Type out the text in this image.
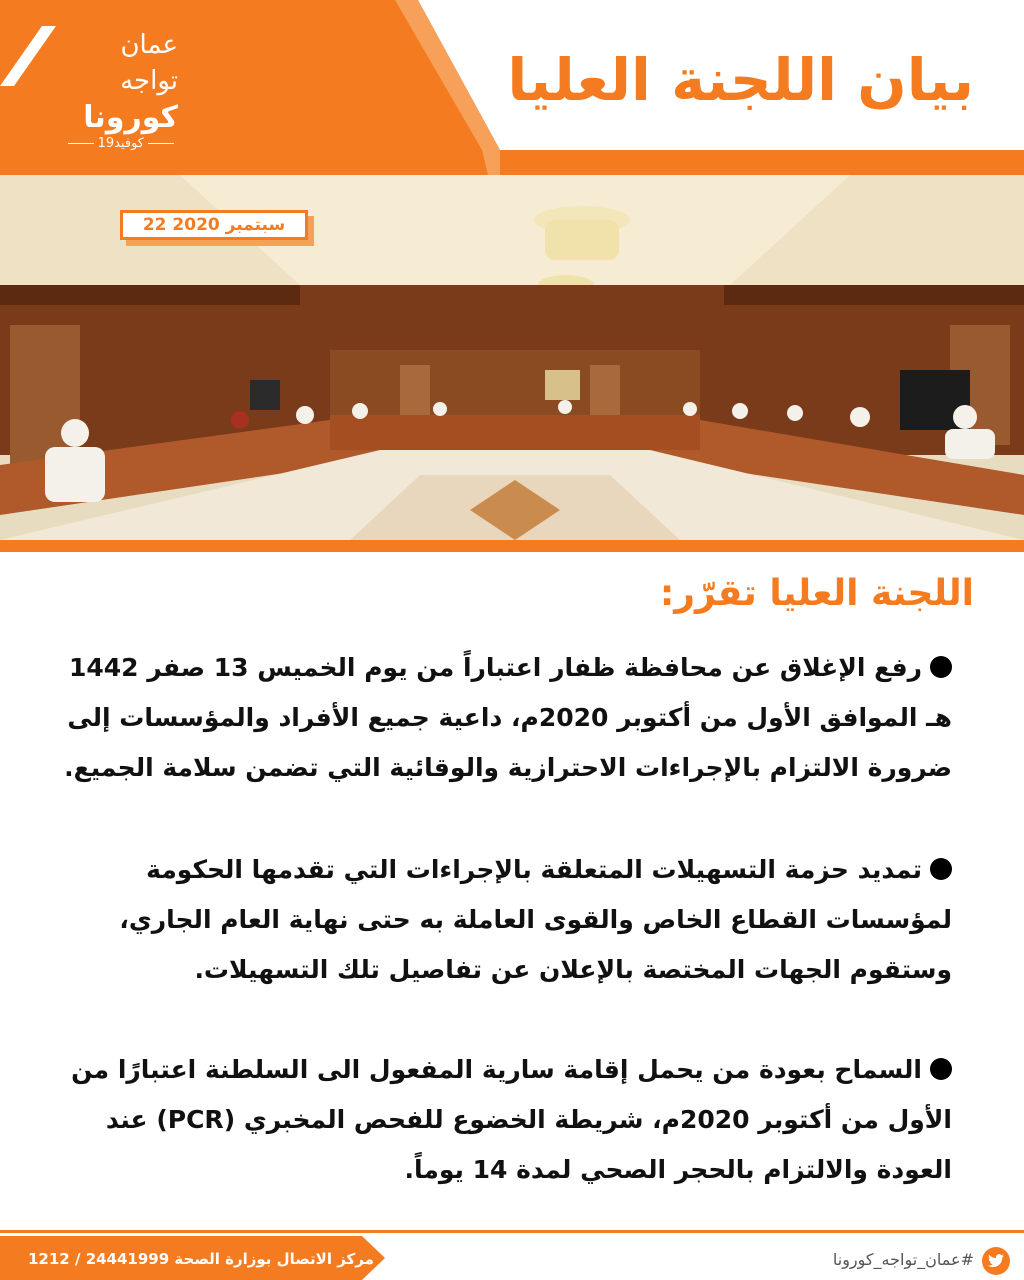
عمان
تواجه
كورونا
كوفيد19
بيان اللجنة العليا
22 سبتمبر 2020
اللجنة العليا تقرّر:

رفع الإغلاق عن محافظة ظفار اعتباراً من يوم الخميس 13 صفر 1442 هـ الموافق الأول من أكتوبر 2020م، داعية جميع الأفراد والمؤسسات إلى ضرورة الالتزام بالإجراءات الاحترازية والوقائية التي تضمن سلامة الجميع.

تمديد حزمة التسهيلات المتعلقة بالإجراءات التي تقدمها الحكومة لمؤسسات القطاع الخاص والقوى العاملة به حتى نهاية العام الجاري، وستقوم الجهات المختصة بالإعلان عن تفاصيل تلك التسهيلات.

السماح بعودة من يحمل إقامة سارية المفعول الى السلطنة اعتبارًا من الأول من أكتوبر 2020م، شريطة الخضوع للفحص المخبري (PCR) عند العودة والالتزام بالحجر الصحي لمدة 14 يوماً.

مركز الاتصال بوزارة الصحة 24441999 / 1212	#عمان_تواجه_كورونا
